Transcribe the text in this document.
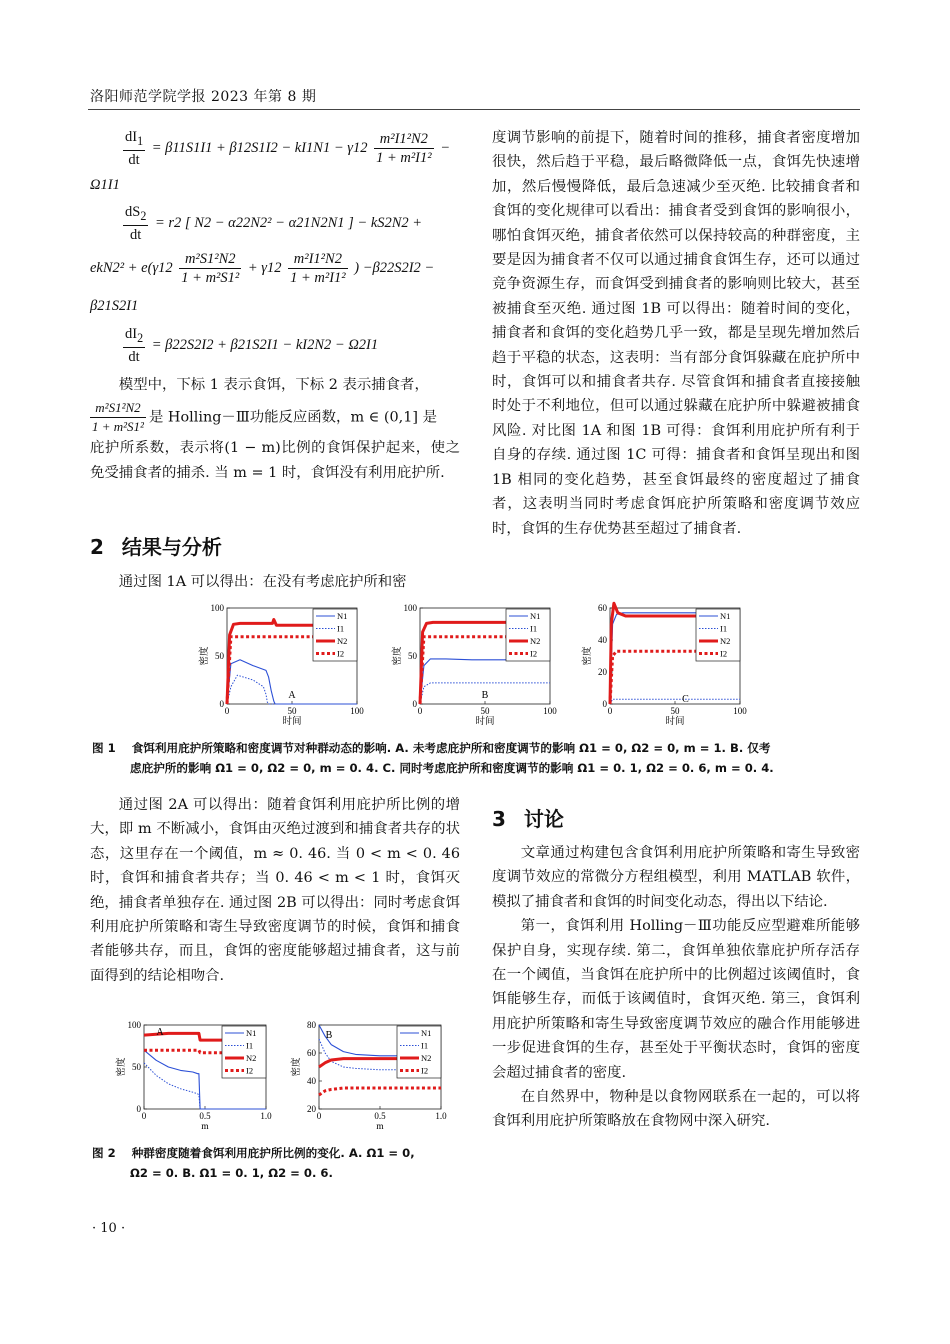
洛阳师范学院学报 2023 年第 8 期
$\frac{dI_1}{dt} = \beta 11S1I1 + \beta 12S1I2 - kI1N1 - \gamma 12 \frac{\text{m²I1²N2}}{\text{1 + m²I1²}}$ −
Ω1I1
$\frac{dS_2}{dt} = r2$ [ N2 − α22N2² − α21N2N1 ] − kS2N2 +
$ekN2^2 + e(\gamma 12 \frac{\text{m²S1²N2}}{\text{1 + m²S1²}} + \gamma 12 \frac{\text{m²I1²N2}}{\text{1 + m²I1²}}$ ) −β22S2I2 −
β21S2I1
$\frac{dI_2}{dt} = \beta 22S2I2 + \beta 21S2I1 - kI2N2 - \Omega 2I1$

模型中，下标 1 表示食饵，下标 2 表示捕食者，

$\frac{\text{m²S1²N2}}{\text{1 + m²S1²}}$ 是 Holling－Ⅲ功能反应函数，m ∈ (0,1] 是

庇护所系数，表示将(1 − m)比例的食饵保护起来，使之免受捕食者的捕杀. 当 m = 1 时，食饵没有利用庇护所.

2 结果与分析

通过图 1A 可以得出：在没有考虑庇护所和密

度调节影响的前提下，随着时间的推移，捕食者密度增加很快，然后趋于平稳，最后略微降低一点，食饵先快速增加，然后慢慢降低，最后急速减少至灭绝. 比较捕食者和食饵的变化规律可以看出：捕食者受到食饵的影响很小，哪怕食饵灭绝，捕食者依然可以保持较高的种群密度，主要是因为捕食者不仅可以通过捕食食饵生存，还可以通过竞争资源生存，而食饵受到捕食者的影响则比较大，甚至被捕食至灭绝. 通过图 1B 可以得出：随着时间的变化，捕食者和食饵的变化趋势几乎一致，都是呈现先增加然后趋于平稳的状态，这表明：当有部分食饵躲藏在庇护所中时，食饵可以和捕食者共存. 尽管食饵和捕食者直接接触时处于不利地位，但可以通过躲藏在庇护所中躲避被捕食风险. 对比图 1A 和图 1B 可得：食饵利用庇护所有利于自身的存续. 通过图 1C 可得：捕食者和食饵呈现出和图 1B 相同的变化趋势，甚至食饵最终的密度超过了捕食者，这表明当同时考虑食饵庇护所策略和密度调节效应时，食饵的生存优势甚至超过了捕食者.

0	50	100
0
50
100
时间
密度
A
N1
I1
N2
I2
0	50	100
0
50
100
时间
密度
B
N1
I1
N2
I2
0	50	100
0
20
40
60
时间
密度
C
N1
I1
N2
I2
图 1 食饵利用庇护所策略和密度调节对种群动态的影响. A. 未考虑庇护所和密度调节的影响 Ω1 = 0, Ω2 = 0, m = 1. B. 仅考
虑庇护所的影响 Ω1 = 0, Ω2 = 0, m = 0. 4. C. 同时考虑庇护所和密度调节的影响 Ω1 = 0. 1, Ω2 = 0. 6, m = 0. 4.

通过图 2A 可以得出：随着食饵利用庇护所比例的增大，即 m 不断减小，食饵由灭绝过渡到和捕食者共存的状态，这里存在一个阈值，m ≈ 0. 46. 当 0 < m < 0. 46 时，食饵和捕食者共存；当 0. 46 < m < 1 时，食饵灭绝，捕食者单独存在. 通过图 2B 可以得出：同时考虑食饵利用庇护所策略和寄生导致密度调节的时候，食饵和捕食者能够共存，而且，食饵的密度能够超过捕食者，这与前面得到的结论相吻合.

0	0.5	1.0
0
50
100
m
密度
A	N1
I1
N2
I2
0	0.5	1.0
20
40
60
80
m
密度
B	N1
I1
N2
I2
图 2 种群密度随着食饵利用庇护所比例的变化. A. Ω1 = 0,
Ω2 = 0. B. Ω1 = 0. 1, Ω2 = 0. 6.
3 讨论

文章通过构建包含食饵利用庇护所策略和寄生导致密度调节效应的常微分方程组模型，利用 MATLAB 软件，模拟了捕食者和食饵的时间变化动态，得出以下结论.

第一，食饵利用 Holling－Ⅲ功能反应型避难所能够保护自身，实现存续. 第二，食饵单独依靠庇护所存活存在一个阈值，当食饵在庇护所中的比例超过该阈值时，食饵能够生存，而低于该阈值时，食饵灭绝. 第三，食饵利用庇护所策略和寄生导致密度调节效应的融合作用能够进一步促进食饵的生存，甚至处于平衡状态时，食饵的密度会超过捕食者的密度.

在自然界中，物种是以食物网联系在一起的，可以将食饵利用庇护所策略放在食物网中深入研究.

· 10 ·
